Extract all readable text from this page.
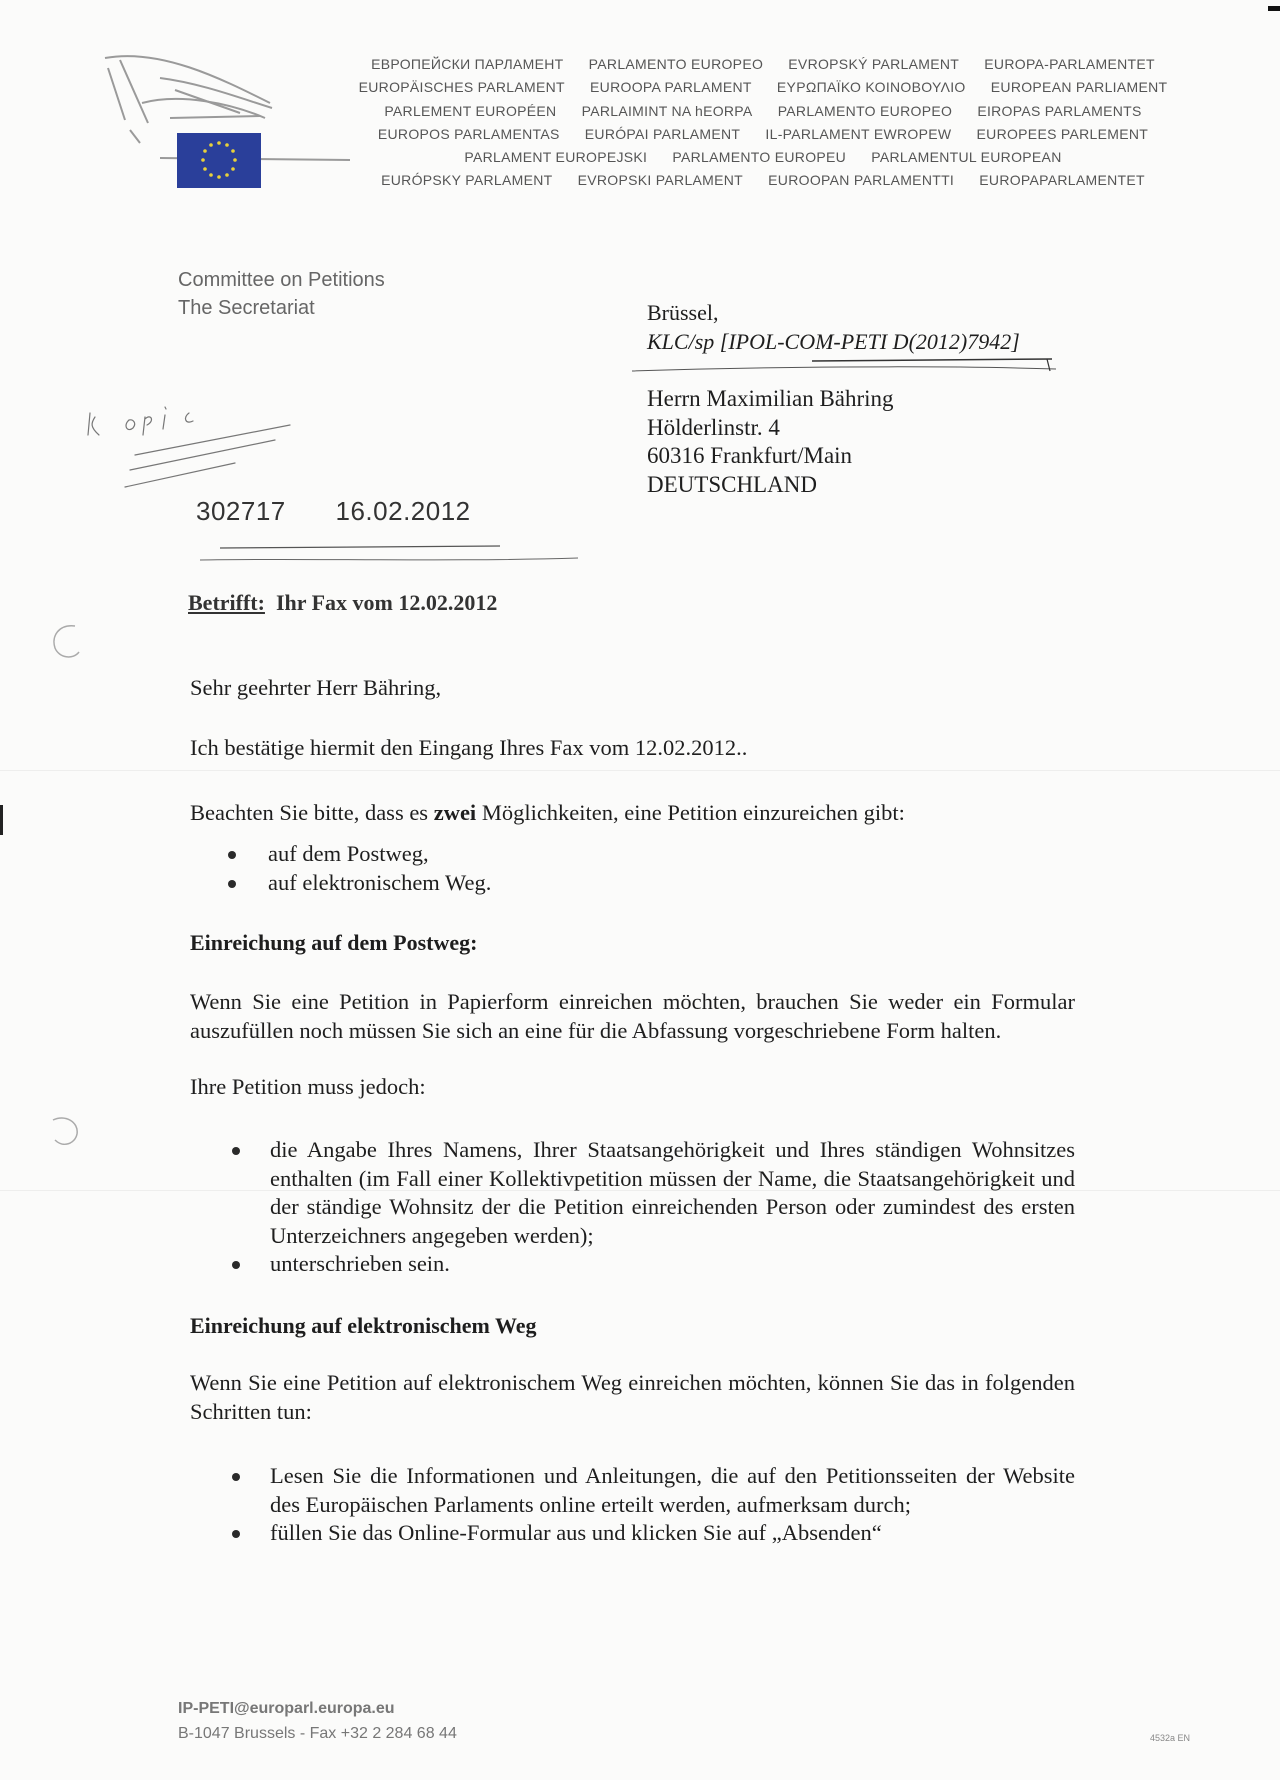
ЕВРОПЕЙСКИ ПАРЛАМЕНТ PARLAMENTO EUROPEO EVROPSKÝ PARLAMENT EUROPA-PARLAMENTET
EUROPÄISCHES PARLAMENT EUROOPA PARLAMENT ΕΥΡΩΠΑΪΚΟ ΚΟΙΝΟΒΟΥΛΙΟ EUROPEAN PARLIAMENT
PARLEMENT EUROPÉEN PARLAIMINT NA hEORPA PARLAMENTO EUROPEO EIROPAS PARLAMENTS
EUROPOS PARLAMENTAS EURÓPAI PARLAMENT IL-PARLAMENT EWROPEW EUROPEES PARLEMENT
PARLAMENT EUROPEJSKI PARLAMENTO EUROPEU PARLAMENTUL EUROPEAN
EURÓPSKY PARLAMENT EVROPSKI PARLAMENT EUROOPAN PARLAMENTTI EUROPAPARLAMENTET
Committee on Petitions
The Secretariat	Brüssel,
KLC/sp [IPOL-COM-PETI D(2012)7942]
Herrn Maximilian Bähring
Hölderlinstr. 4
60316 Frankfurt/Main
DEUTSCHLAND
302717 16.02.2012
Betrifft: Ihr Fax vom 12.02.2012
Sehr geehrter Herr Bähring,
Ich bestätige hiermit den Eingang Ihres Fax vom 12.02.2012..
Beachten Sie bitte, dass es zwei Möglichkeiten, eine Petition einzureichen gibt:
auf dem Postweg,
auf elektronischem Weg.
Einreichung auf dem Postweg:
Wenn Sie eine Petition in Papierform einreichen möchten, brauchen Sie weder ein Formular auszufüllen noch müssen Sie sich an eine für die Abfassung vorgeschriebene Form halten.
Ihre Petition muss jedoch:
die Angabe Ihres Namens, Ihrer Staatsangehörigkeit und Ihres ständigen Wohnsitzes enthalten (im Fall einer Kollektivpetition müssen der Name, die Staatsangehörigkeit und der ständige Wohnsitz der die Petition einreichenden Person oder zumindest des ersten Unterzeichners angegeben werden);
unterschrieben sein.
Einreichung auf elektronischem Weg
Wenn Sie eine Petition auf elektronischem Weg einreichen möchten, können Sie das in folgenden Schritten tun:
Lesen Sie die Informationen und Anleitungen, die auf den Petitionsseiten der Website des Europäischen Parlaments online erteilt werden, aufmerksam durch;
füllen Sie das Online-Formular aus und klicken Sie auf „Absenden“
IP-PETI@europarl.europa.eu
B-1047 Brussels - Fax +32 2 284 68 44	4532a EN
